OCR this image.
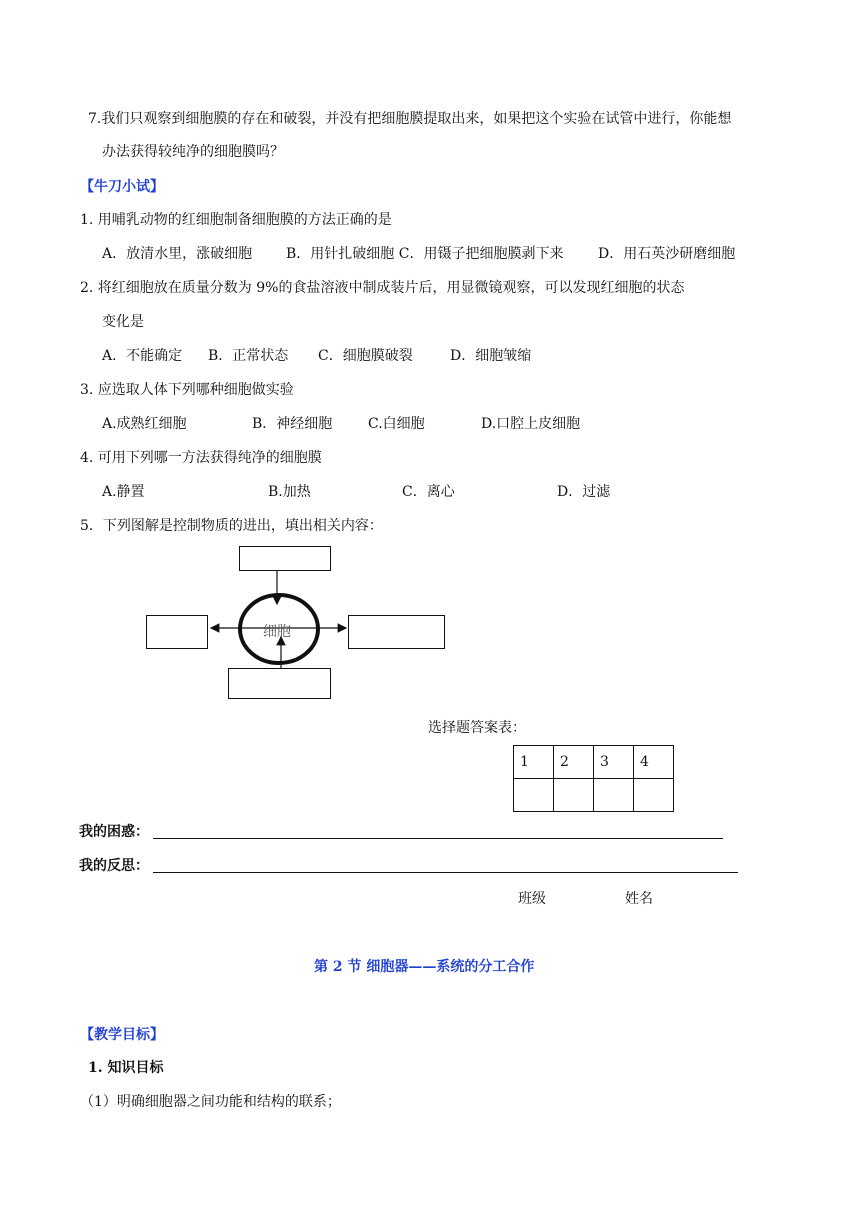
7.我们只观察到细胞膜的存在和破裂，并没有把细胞膜提取出来，如果把这个实验在试管中进行，你能想
办法获得较纯净的细胞膜吗？
【牛刀小试】
1. 用哺乳动物的红细胞制备细胞膜的方法正确的是
A．放清水里，涨破细胞 B．用针扎破细胞 C．用镊子把细胞膜剥下来 D．用石英沙研磨细胞
2. 将红细胞放在质量分数为 9%的食盐溶液中制成装片后，用显微镜观察，可以发现红细胞的状态
变化是
A．不能确定 B．正常状态 C．细胞膜破裂	D．细胞皱缩
3. 应选取人体下列哪种细胞做实验
A.成熟红细胞	B．神经细胞	C.白细胞	D.口腔上皮细胞
4. 可用下列哪一方法获得纯净的细胞膜
A.静置	B.加热	C．离心	D．过滤
5．下列图解是控制物质的进出，填出相关内容：
细胞
选择题答案表：
1	2	3	4

我的困惑：
我的反思：
班级	姓名
第 2 节 细胞器——系统的分工合作
【教学目标】
1. 知识目标
（1）明确细胞器之间功能和结构的联系；
